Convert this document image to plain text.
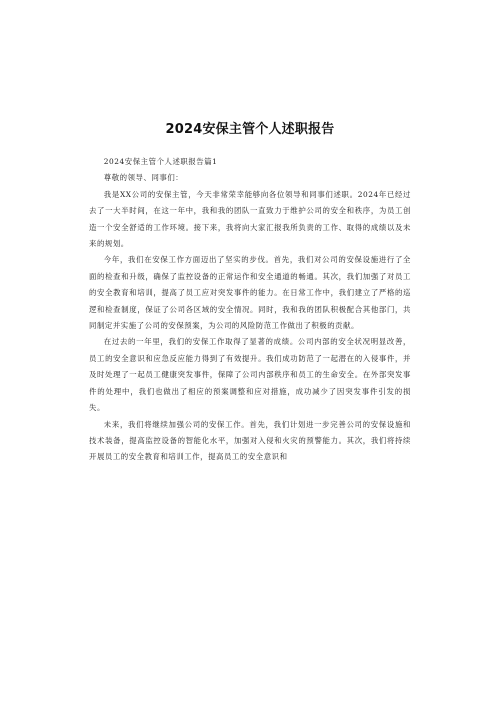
2024安保主管个人述职报告

2024安保主管个人述职报告篇1

尊敬的领导、同事们：

我是XX公司的安保主管，今天非常荣幸能够向各位领导和同事们述职。2024年已经过去了一大半时间，在这一年中，我和我的团队一直致力于维护公司的安全和秩序，为员工创造一个安全舒适的工作环境。接下来，我将向大家汇报我所负责的工作、取得的成绩以及未来的规划。

今年，我们在安保工作方面迈出了坚实的步伐。首先，我们对公司的安保设施进行了全面的检查和升级，确保了监控设备的正常运作和安全通道的畅通。其次，我们加强了对员工的安全教育和培训，提高了员工应对突发事件的能力。在日常工作中，我们建立了严格的巡逻和检查制度，保证了公司各区域的安全情况。同时，我和我的团队积极配合其他部门，共同制定并实施了公司的安保预案，为公司的风险防范工作做出了积极的贡献。

在过去的一年里，我们的安保工作取得了显著的成绩。公司内部的安全状况明显改善，员工的安全意识和应急反应能力得到了有效提升。我们成功防范了一起潜在的入侵事件，并及时处理了一起员工健康突发事件，保障了公司内部秩序和员工的生命安全。在外部突发事件的处理中，我们也做出了相应的预案调整和应对措施，成功减少了因突发事件引发的损失。

未来，我们将继续加强公司的安保工作。首先，我们计划进一步完善公司的安保设施和技术装备，提高监控设备的智能化水平，加强对入侵和火灾的预警能力。其次，我们将持续开展员工的安全教育和培训工作，提高员工的安全意识和
